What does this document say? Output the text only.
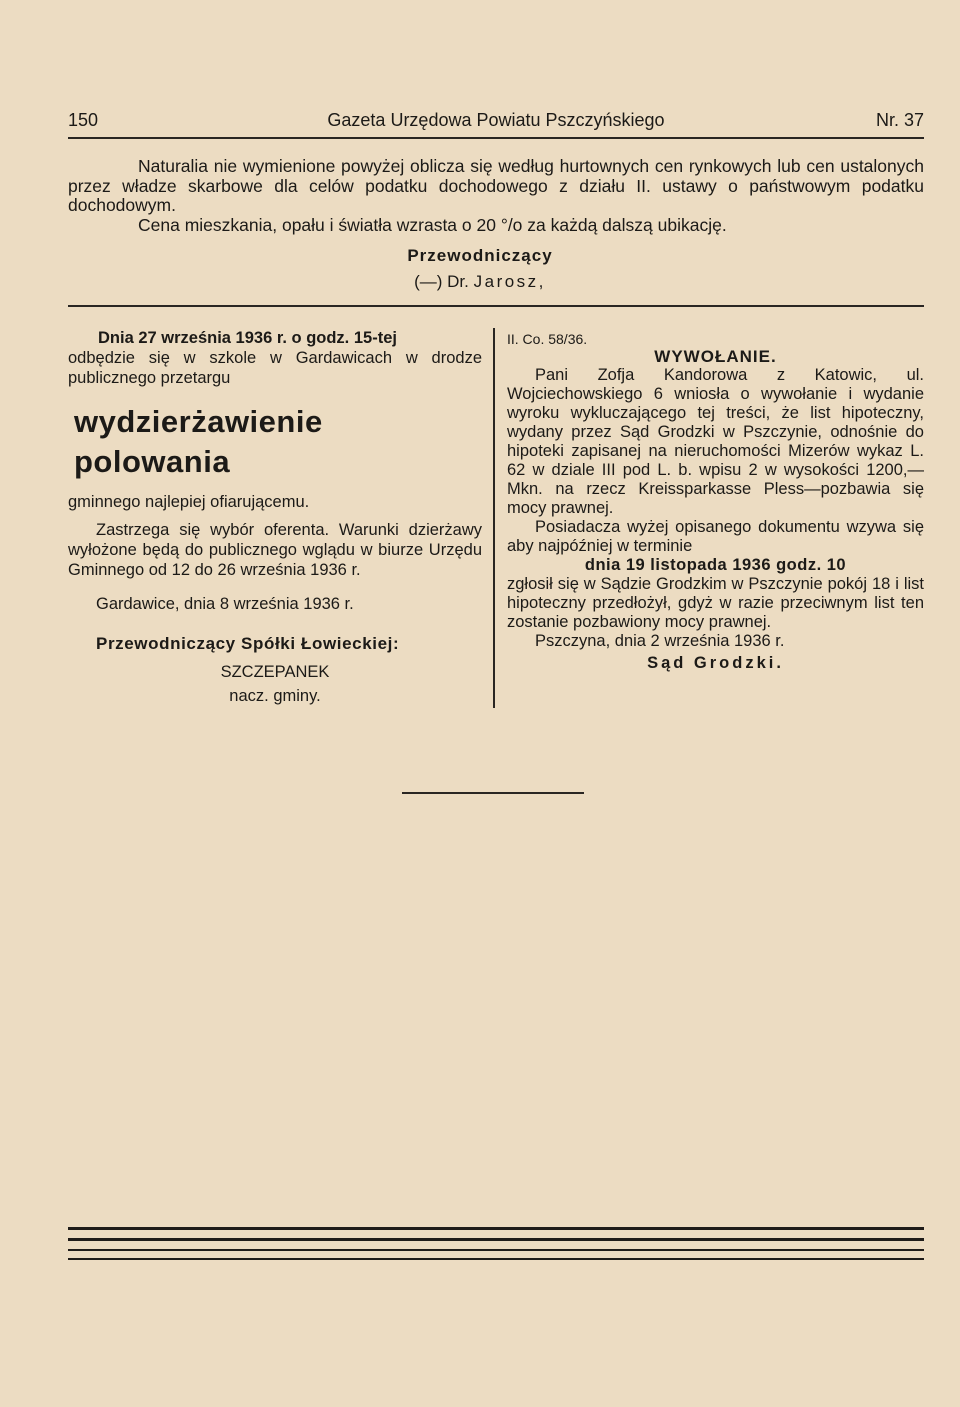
150	Gazeta Urzędowa Powiatu Pszczyńskiego	Nr. 37

Naturalia nie wymienione powyżej oblicza się według hurtownych cen rynkowych lub cen ustalonych przez władze skarbowe dla celów podatku dochodowego z działu II. ustawy o państwowym podatku dochodowym.

Cena mieszkania, opału i światła wzrasta o 20 °/o za każdą dalszą ubikację.

Przewodniczący
(—) Dr. Jarosz,

Dnia 27 września 1936 r. o godz. 15-tej

odbędzie się w szkole w Gardawicach w drodze publicznego przetargu

wydzierżawienie polowania

gminnego najlepiej ofiarującemu.

Zastrzega się wybór oferenta. Warunki dzierżawy wyłożone będą do publicznego wglądu w biurze Urzędu Gminnego od 12 do 26 września 1936 r.

Gardawice, dnia 8 września 1936 r.

Przewodniczący Spółki Łowieckiej:

SZCZEPANEK

nacz. gminy.

II. Co. 58/36.

WYWOŁANIE.

Pani Zofja Kandorowa z Katowic, ul. Wojciechowskiego 6 wniosła o wywołanie i wydanie wyroku wykluczającego tej treści, że list hipoteczny, wydany przez Sąd Grodzki w Pszczynie, odnośnie do hipoteki zapisanej na nieruchomości Mizerów wykaz L. 62 w dziale III pod L. b. wpisu 2 w wysokości 1200,— Mkn. na rzecz Kreissparkasse Pless—pozbawia się mocy prawnej.

Posiadacza wyżej opisanego dokumentu wzywa się aby najpóźniej w terminie

dnia 19 listopada 1936 godz. 10

zgłosił się w Sądzie Grodzkim w Pszczynie pokój 18 i list hipoteczny przedłożył, gdyż w razie przeciwnym list ten zostanie pozbawiony mocy prawnej.

Pszczyna, dnia 2 września 1936 r.

Sąd Grodzki.
